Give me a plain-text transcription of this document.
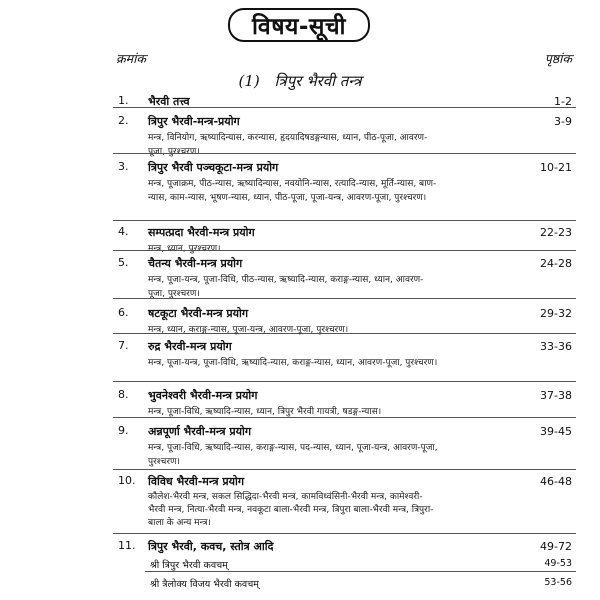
विषय-सूची
क्रमांक	पृष्ठांक
(1) त्रिपुर भैरवी तन्त्र
1. भैरवी तत्त्व	1-2
2. त्रिपुर भैरवी-मन्त्र-प्रयोग	3-9
मन्त्र, विनियोग, ऋष्यादिन्यास, करन्यास, हृदयादिषडङ्गन्यास, ध्यान, पीठ-पूजा, आवरण-पूजा, पुरश्चरण।
3. त्रिपुर भैरवी पञ्चकूटा-मन्त्र प्रयोग	10-21
मन्त्र, पूजाक्रम, पीठ-न्यास, ऋष्यादिन्यास, नवयोनि-न्यास, रत्यादि-न्यास, मूर्ति-न्यास, बाण-न्यास, काम-न्यास, भूषण-न्यास, ध्यान, पीठ-पूजा, पूजा-यन्त्र, आवरण-पूजा, पुरश्चरण।
4. सम्पत्प्रदा भैरवी-मन्त्र प्रयोग	22-23
मन्त्र, ध्यान, पुरश्चरण।
5. चैतन्य भैरवी-मन्त्र प्रयोग	24-28
मन्त्र, पूजा-यन्त्र, पूजा-विधि, पीठ-न्यास, ऋष्यादि-न्यास, कराङ्ग-न्यास, ध्यान, आवरण-पूजा, पुरश्चरण।
6. षटकूटा भैरवी-मन्त्र प्रयोग	29-32
मन्त्र, ध्यान, कराङ्ग-न्यास, पूजा-यन्त्र, आवरण-पूजा, पुरश्चरण।
7. रुद्र भैरवी-मन्त्र प्रयोग	33-36
मन्त्र, पूजा-यन्त्र, पूजा-विधि, ऋष्यादि-न्यास, कराङ्ग-न्यास, ध्यान, आवरण-पूजा, पुरश्चरण।
8. भुवनेश्वरी भैरवी-मन्त्र प्रयोग	37-38
मन्त्र, पूजा-विधि, ऋष्यादि-न्यास, ध्यान, त्रिपुर भैरवी गायत्री, षडङ्ग-न्यास।
9. अन्नपूर्णा भैरवी-मन्त्र प्रयोग	39-45
मन्त्र, पूजा-विधि, ऋष्यादि-न्यास, कराङ्ग-न्यास, पद-न्यास, ध्यान, पूजा-यन्त्र, आवरण-पूजा, पुरश्चरण।
10. विविध भैरवी-मन्त्र प्रयोग	46-48
कौलेश-भैरवी मन्त्र, सकल सिद्धिदा-भैरवी मन्त्र, कामविध्वंसिनी-भैरवी मन्त्र, कामेश्वरी-भैरवी मन्त्र, नित्या-भैरवी मन्त्र, नवकूटा बाला-भैरवी मन्त्र, त्रिपुरा बाला-भैरवी मन्त्र, त्रिपुरा-बाला के अन्य मन्त्र।
11. त्रिपुर भैरवी, कवच, स्तोत्र आदि	49-72
श्री त्रिपुर भैरवी कवचम्	49-53
श्री त्रैलोक्य विजय भैरवी कवचम्	53-56
